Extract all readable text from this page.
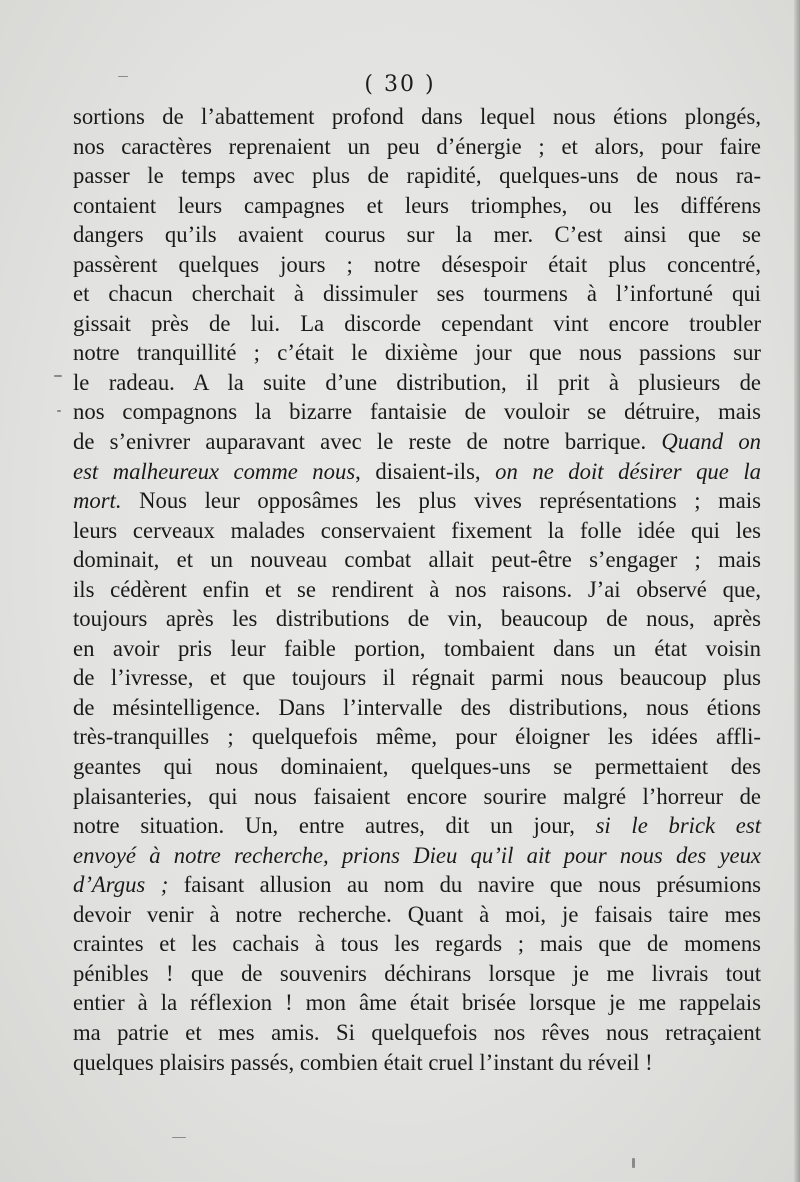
( 30 )
sortions de l’abattement profond dans lequel nous étions plongés,
nos caractères reprenaient un peu d’énergie ; et alors, pour faire
passer le temps avec plus de rapidité, quelques-uns de nous ra-
contaient leurs campagnes et leurs triomphes, ou les différens
dangers qu’ils avaient courus sur la mer. C’est ainsi que se
passèrent quelques jours ; notre désespoir était plus concentré,
et chacun cherchait à dissimuler ses tourmens à l’infortuné qui
gissait près de lui. La discorde cependant vint encore troubler
notre tranquillité ; c’était le dixième jour que nous passions sur
le radeau. A la suite d’une distribution, il prit à plusieurs de
nos compagnons la bizarre fantaisie de vouloir se détruire, mais
de s’enivrer auparavant avec le reste de notre barrique. Quand on
est malheureux comme nous, disaient-ils, on ne doit désirer que la
mort. Nous leur opposâmes les plus vives représentations ; mais
leurs cerveaux malades conservaient fixement la folle idée qui les
dominait, et un nouveau combat allait peut-être s’engager ; mais
ils cédèrent enfin et se rendirent à nos raisons. J’ai observé que,
toujours après les distributions de vin, beaucoup de nous, après
en avoir pris leur faible portion, tombaient dans un état voisin
de l’ivresse, et que toujours il régnait parmi nous beaucoup plus
de mésintelligence. Dans l’intervalle des distributions, nous étions
très-tranquilles ; quelquefois même, pour éloigner les idées affli-
geantes qui nous dominaient, quelques-uns se permettaient des
plaisanteries, qui nous faisaient encore sourire malgré l’horreur de
notre situation. Un, entre autres, dit un jour, si le brick est
envoyé à notre recherche, prions Dieu qu’il ait pour nous des yeux
d’Argus ; faisant allusion au nom du navire que nous présumions
devoir venir à notre recherche. Quant à moi, je faisais taire mes
craintes et les cachais à tous les regards ; mais que de momens
pénibles ! que de souvenirs déchirans lorsque je me livrais tout
entier à la réflexion ! mon âme était brisée lorsque je me rappelais
ma patrie et mes amis. Si quelquefois nos rêves nous retraçaient
quelques plaisirs passés, combien était cruel l’instant du réveil !
